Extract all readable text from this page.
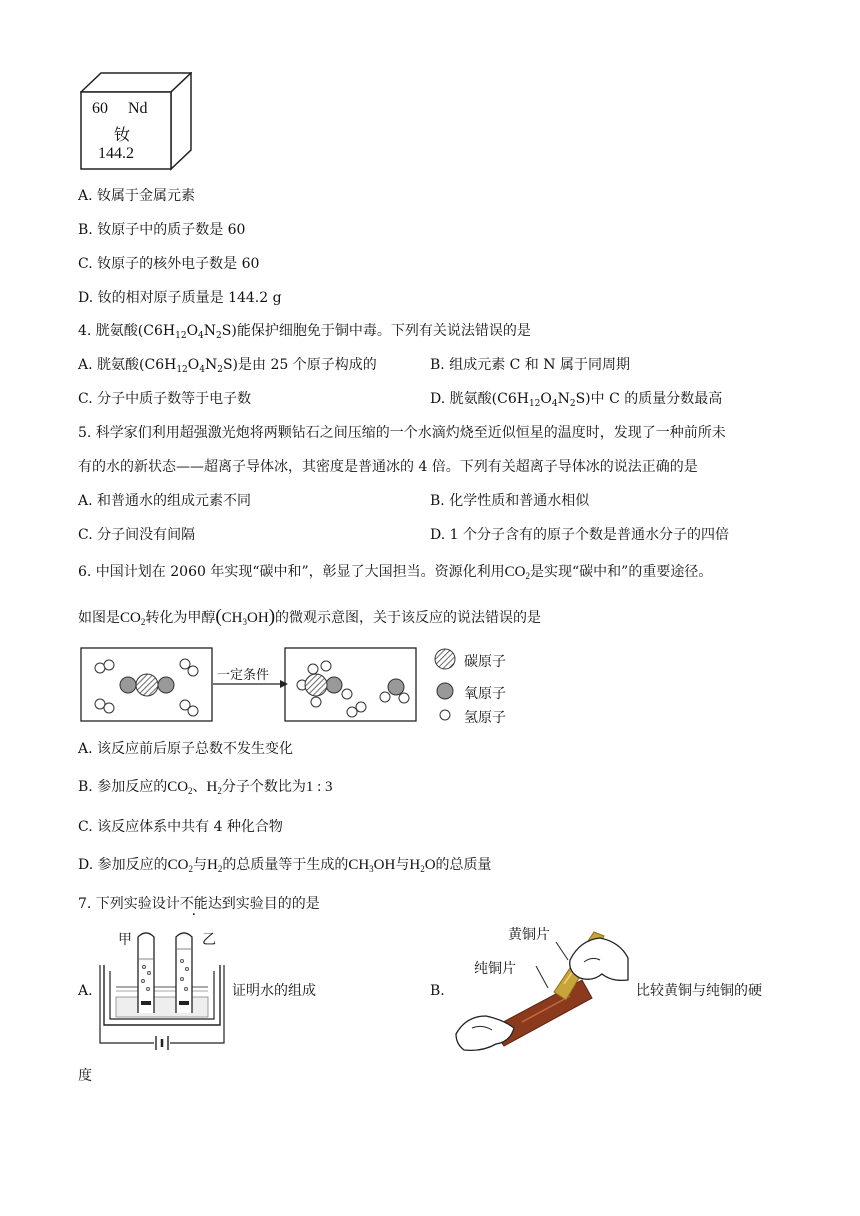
60 Nd
钕
144.2
A. 钕属于金属元素
B. 钕原子中的质子数是 60
C. 钕原子的核外电子数是 60
D. 钕的相对原子质量是 144.2 g
4. 胱氨酸$(C6H_{12}O_4N_2S)$能保护细胞免于铜中毒。下列有关说法错误的是
A. 胱氨酸$(C6H_{12}O_4N_2S)$是由 25 个原子构成的	B. 组成元素 C 和 N 属于同周期
C. 分子中质子数等于电子数	D. 胱氨酸$(C6H_{12}O_4N_2S)$中 C 的质量分数最高
5. 科学家们利用超强激光炮将两颗钻石之间压缩的一个水滴灼烧至近似恒星的温度时，发现了一种前所未
有的水的新状态——超离子导体冰，其密度是普通冰的 4 倍。下列有关超离子导体冰的说法正确的是
A. 和普通水的组成元素不同	B. 化学性质和普通水相似
C. 分子间没有间隔	D. 1 个分子含有的原子个数是普通水分子的四倍
6. 中国计划在 2060 年实现“碳中和”，彰显了大国担当。资源化利用$CO_2$是实现“碳中和”的重要途径。
如图是$CO_2$转化为甲醇$(CH_3OH)$的微观示意图，关于该反应的说法错误的是
一定条件
碳原子
氧原子
氢原子
A. 该反应前后原子总数不发生变化
B. 参加反应的$CO_2$、$H_2$分子个数比为1 : 3
C. 该反应体系中共有 4 种化合物
D. 参加反应的$CO_2$与$H_2$的总质量等于生成的$CH_3OH$与$H_2O$的总质量
7. 下列实验设计不能达到实验目的的是
A.
甲	乙
证明水的组成	B.
黄铜片
纯铜片
比较黄铜与纯铜的硬
度
